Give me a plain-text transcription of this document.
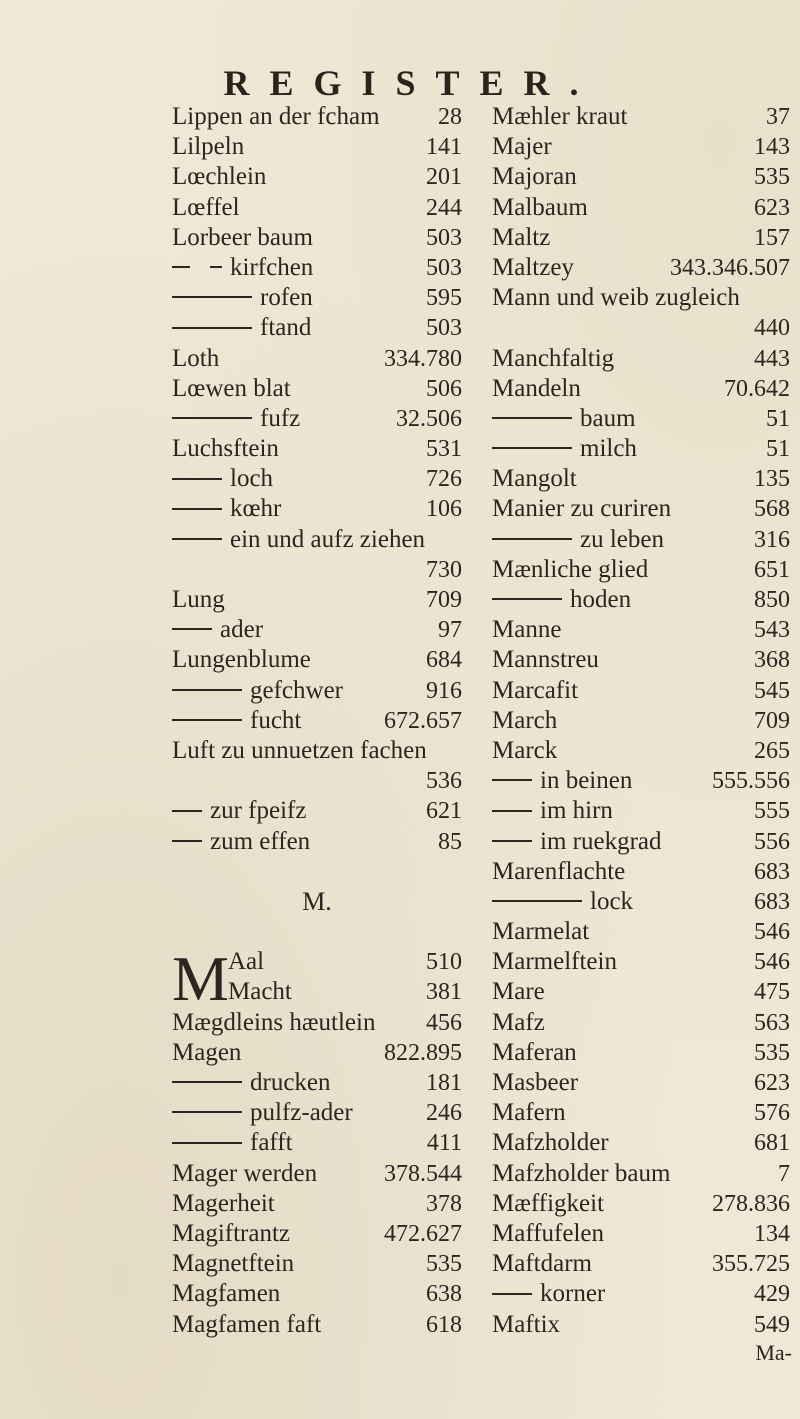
REGISTER.
Lippen an der fcham 28
Lilpeln	141
Lœchlein	201
Lœffel	244
Lorbeer baum	503
kirfchen	503
rofen	595
ftand	503
Loth	334.780
Lœwen blat	506
fufz	32.506
Luchsftein	531
loch	726
kœhr	106
ein und aufz ziehen
730
Lung	709
ader	97
Lungenblume	684
gefchwer	916
fucht	672.657
Luft zu unnuetzen fachen
536
zur fpeifz	621
zum effen	85
M.
M Aal	510
Macht	381
Mægdleins hæutlein 456
Magen	822.895
drucken	181
pulfz-ader	246
fafft	411
Mager werden	378.544
Magerheit	378
Magiftrantz	472.627
Magnetftein	535
Magfamen	638
Magfamen faft	618
Mæhler kraut	37
Majer	143
Majoran	535
Malbaum	623
Maltz	157
Maltzey	343.346.507
Mann und weib zugleich
440
Manchfaltig	443
Mandeln	70.642
baum	51
milch	51
Mangolt	135
Manier zu curiren	568
zu leben	316
Mænliche glied	651
hoden	850
Manne	543
Mannstreu	368
Marcafit	545
March	709
Marck	265
in beinen	555.556
im hirn	555
im ruekgrad	556
Marenflachte	683
lock	683
Marmelat	546
Marmelftein	546
Mare	475
Mafz	563
Maferan	535
Masbeer	623
Mafern	576
Mafzholder	681
Mafzholder baum	7
Mæffigkeit	278.836
Maffufelen	134
Maftdarm	355.725
korner	429
Maftix	549
Ma-
